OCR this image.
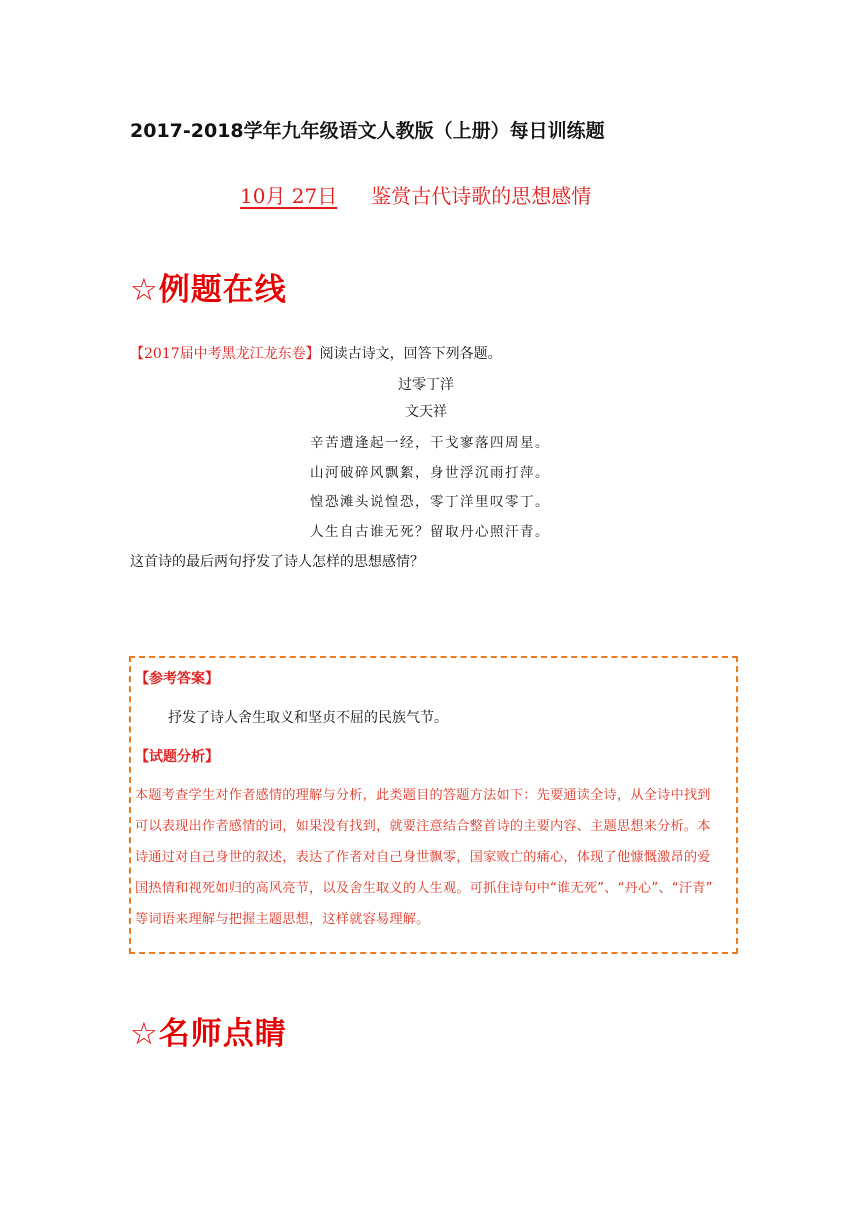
2017-2018学年九年级语文人教版（上册）每日训练题
10月 27日 鉴赏古代诗歌的思想感情
☆例题在线
【2017届中考黑龙江龙东卷】阅读古诗文，回答下列各题。
过零丁洋
文天祥
辛苦遭逢起一经，干戈寥落四周星。
山河破碎风飘絮，身世浮沉雨打萍。
惶恐滩头说惶恐，零丁洋里叹零丁。
人生自古谁无死？留取丹心照汗青。
这首诗的最后两句抒发了诗人怎样的思想感情？
【参考答案】
抒发了诗人舍生取义和坚贞不屈的民族气节。
【试题分析】
本题考查学生对作者感情的理解与分析，此类题目的答题方法如下：先要通读全诗，从全诗中找到
可以表现出作者感情的词，如果没有找到，就要注意结合整首诗的主要内容、主题思想来分析。本
诗通过对自己身世的叙述，表达了作者对自己身世飘零，国家败亡的痛心，体现了他慷慨激昂的爱
国热情和视死如归的高风亮节，以及舍生取义的人生观。可抓住诗句中“谁无死”、“丹心”、“汗青”
等词语来理解与把握主题思想，这样就容易理解。
☆名师点睛
